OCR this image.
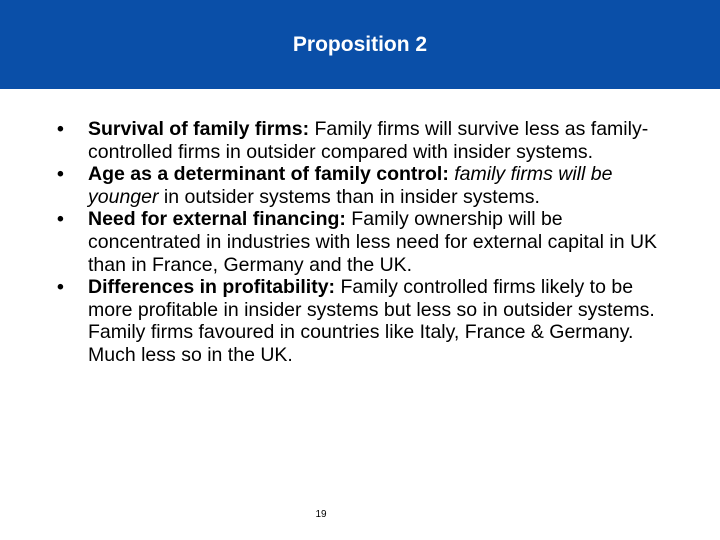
Proposition 2
•	Survival of family firms: Family firms will survive less as family-controlled firms in outsider compared with insider systems.
•	Age as a determinant of family control: family firms will be younger in outsider systems than in insider systems.
•	Need for external financing: Family ownership will be concentrated in industries with less need for external capital in UK than in France, Germany and the UK.
•	Differences in profitability: Family controlled firms likely to be more profitable in insider systems but less so in outsider systems. Family firms favoured in countries like Italy, France & Germany. Much less so in the UK.
19
